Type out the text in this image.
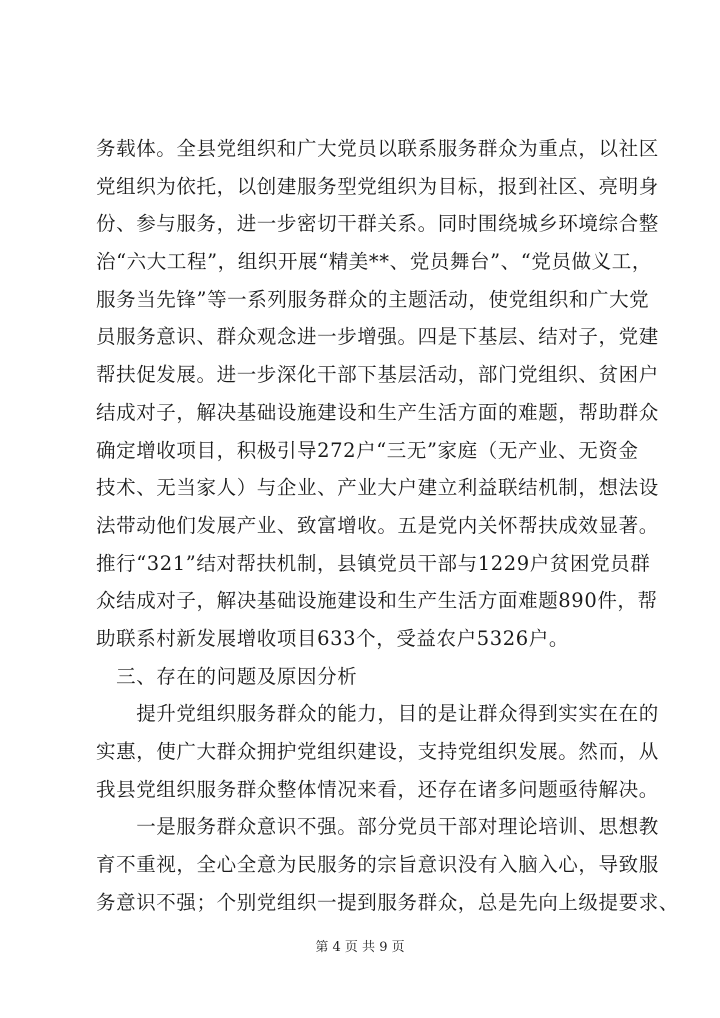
务载体。全县党组织和广大党员以联系服务群众为重点，以社区
党组织为依托，以创建服务型党组织为目标，报到社区、亮明身
份、参与服务，进一步密切干群关系。同时围绕城乡环境综合整
治“六大工程”，组织开展“精美**、党员舞台”、“党员做义工，
服务当先锋”等一系列服务群众的主题活动，使党组织和广大党
员服务意识、群众观念进一步增强。四是下基层、结对子，党建
帮扶促发展。进一步深化干部下基层活动，部门党组织、贫困户
结成对子，解决基础设施建设和生产生活方面的难题，帮助群众
确定增收项目，积极引导272户“三无”家庭（无产业、无资金
技术、无当家人）与企业、产业大户建立利益联结机制，想法设
法带动他们发展产业、致富增收。五是党内关怀帮扶成效显著。
推行“321”结对帮扶机制，县镇党员干部与1229户贫困党员群
众结成对子，解决基础设施建设和生产生活方面难题890件，帮
助联系村新发展增收项目633个，受益农户5326户。
　三、存在的问题及原因分析
　　提升党组织服务群众的能力，目的是让群众得到实实在在的
实惠，使广大群众拥护党组织建设，支持党组织发展。然而，从
我县党组织服务群众整体情况来看，还存在诸多问题亟待解决。
　　一是服务群众意识不强。部分党员干部对理论培训、思想教
育不重视，全心全意为民服务的宗旨意识没有入脑入心，导致服
务意识不强；个别党组织一提到服务群众，总是先向上级提要求、
第 4 页 共 9 页
